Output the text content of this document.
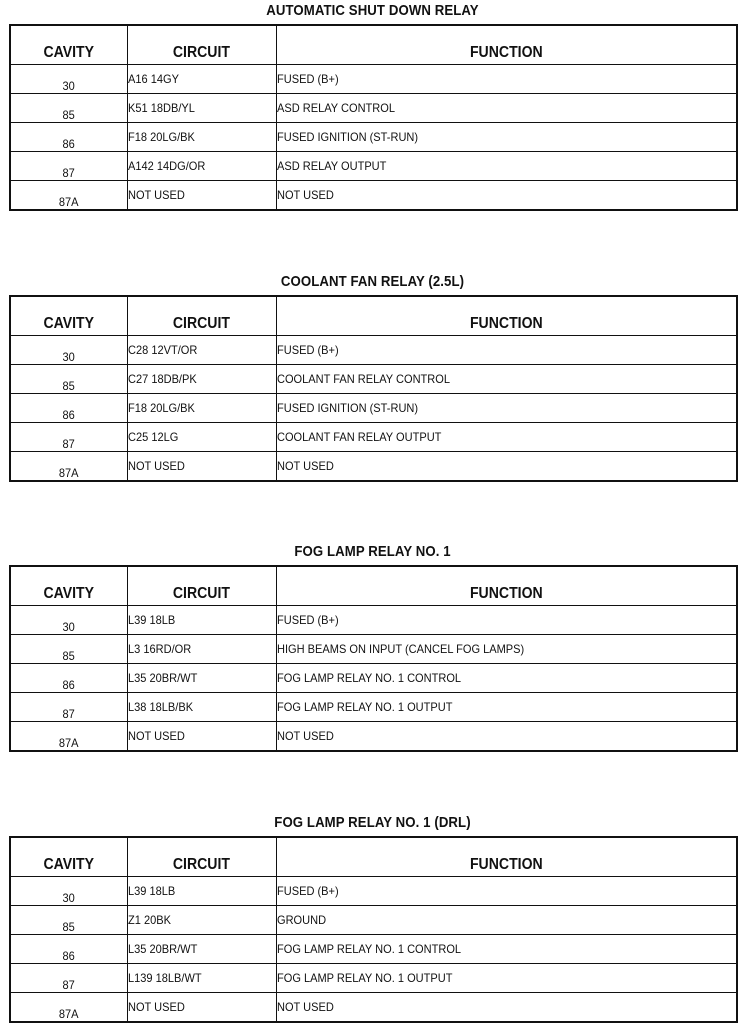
AUTOMATIC SHUT DOWN RELAY
CAVITY	CIRCUIT	FUNCTION
30	A16 14GY	FUSED (B+)
85	K51 18DB/YL	ASD RELAY CONTROL
86	F18 20LG/BK	FUSED IGNITION (ST-RUN)
87	A142 14DG/OR	ASD RELAY OUTPUT
87A	NOT USED	NOT USED
COOLANT FAN RELAY (2.5L)
CAVITY	CIRCUIT	FUNCTION
30	C28 12VT/OR	FUSED (B+)
85	C27 18DB/PK	COOLANT FAN RELAY CONTROL
86	F18 20LG/BK	FUSED IGNITION (ST-RUN)
87	C25 12LG	COOLANT FAN RELAY OUTPUT
87A	NOT USED	NOT USED
FOG LAMP RELAY NO. 1
CAVITY	CIRCUIT	FUNCTION
30	L39 18LB	FUSED (B+)
85	L3 16RD/OR	HIGH BEAMS ON INPUT (CANCEL FOG LAMPS)
86	L35 20BR/WT	FOG LAMP RELAY NO. 1 CONTROL
87	L38 18LB/BK	FOG LAMP RELAY NO. 1 OUTPUT
87A	NOT USED	NOT USED
FOG LAMP RELAY NO. 1 (DRL)
CAVITY	CIRCUIT	FUNCTION
30	L39 18LB	FUSED (B+)
85	Z1 20BK	GROUND
86	L35 20BR/WT	FOG LAMP RELAY NO. 1 CONTROL
87	L139 18LB/WT	FOG LAMP RELAY NO. 1 OUTPUT
87A	NOT USED	NOT USED
